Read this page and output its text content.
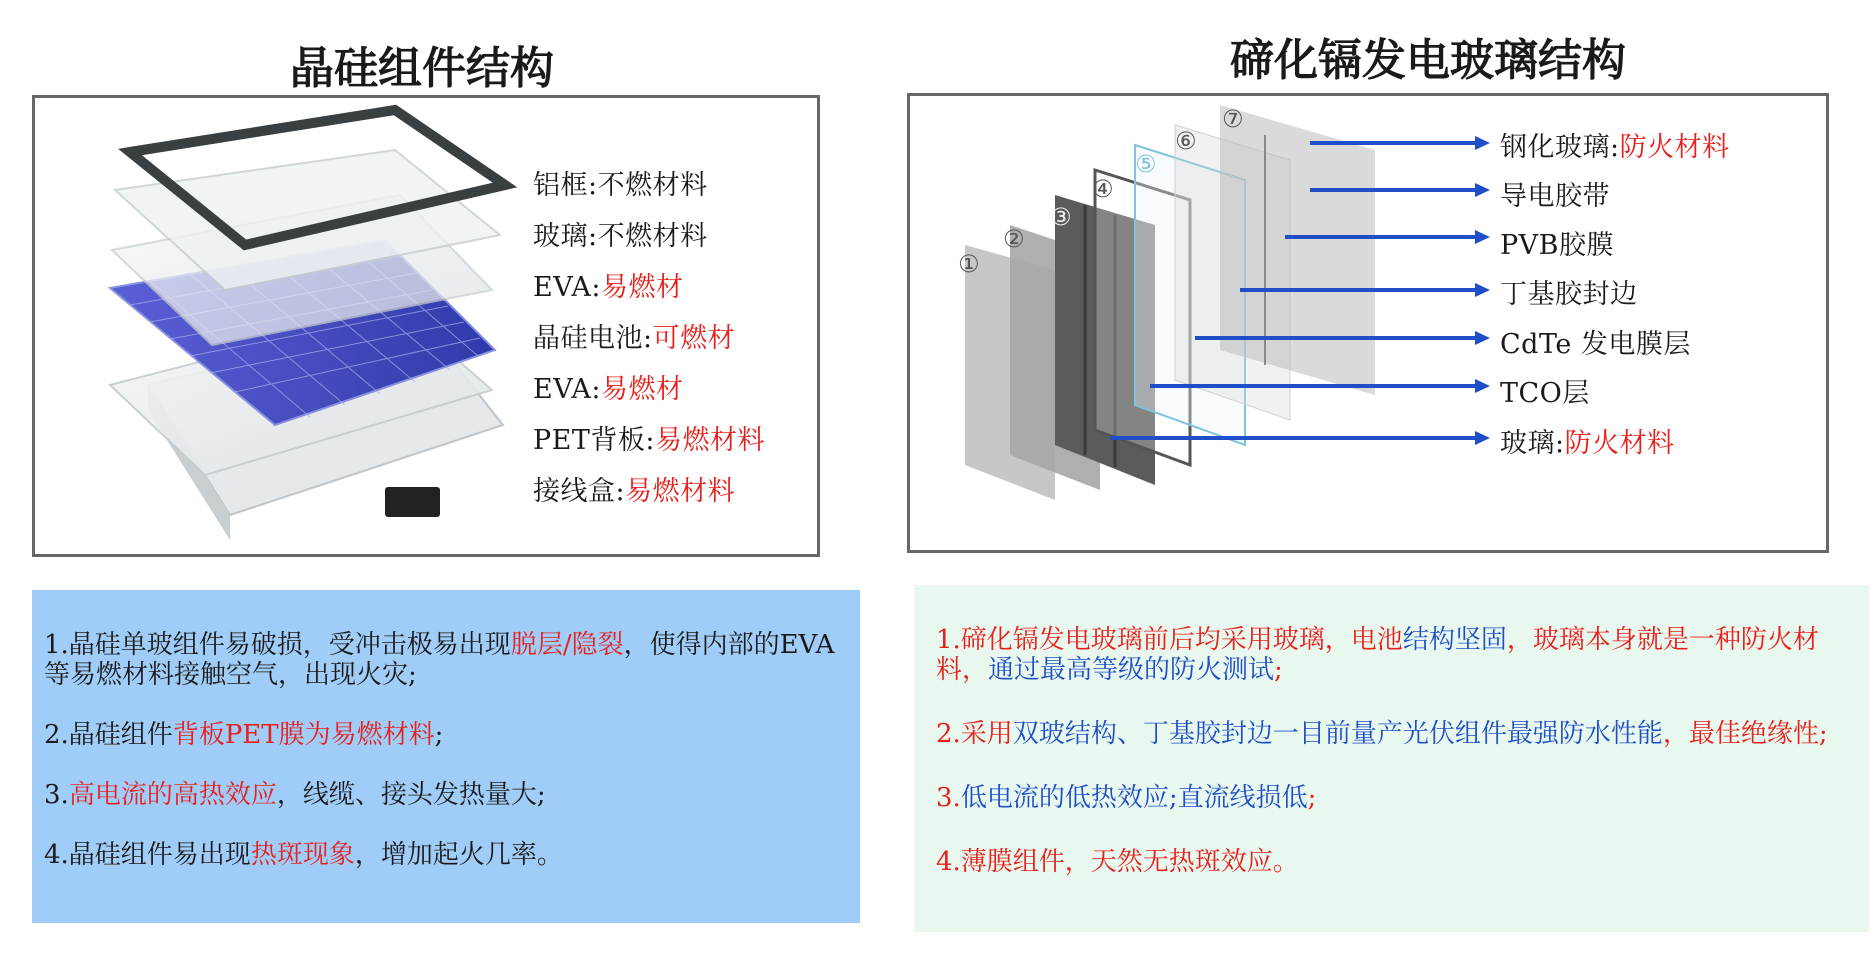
晶硅组件结构	碲化镉发电玻璃结构
①
②
③
④
⑤
⑥
⑦
铝框:不燃材料
玻璃:不燃材料
EVA:易燃材
晶硅电池:可燃材
EVA:易燃材
PET背板:易燃材料
接线盒:易燃材料
钢化玻璃:防火材料
导电胶带
PVB胶膜
丁基胶封边
CdTe 发电膜层
TCO层
玻璃:防火材料

1.晶硅单玻组件易破损，受冲击极易出现脱层/隐裂，使得内部的EVA等易燃材料接触空气，出现火灾;

2.晶硅组件背板PET膜为易燃材料;

3.高电流的高热效应，线缆、接头发热量大;

4.晶硅组件易出现热斑现象，增加起火几率。

1.碲化镉发电玻璃前后均采用玻璃，电池结构坚固，玻璃本身就是一种防火材料，通过最高等级的防火测试;

2.采用双玻结构、丁基胶封边一目前量产光伏组件最强防水性能，最佳绝缘性;

3.低电流的低热效应;直流线损低;

4.薄膜组件，天然无热斑效应。
